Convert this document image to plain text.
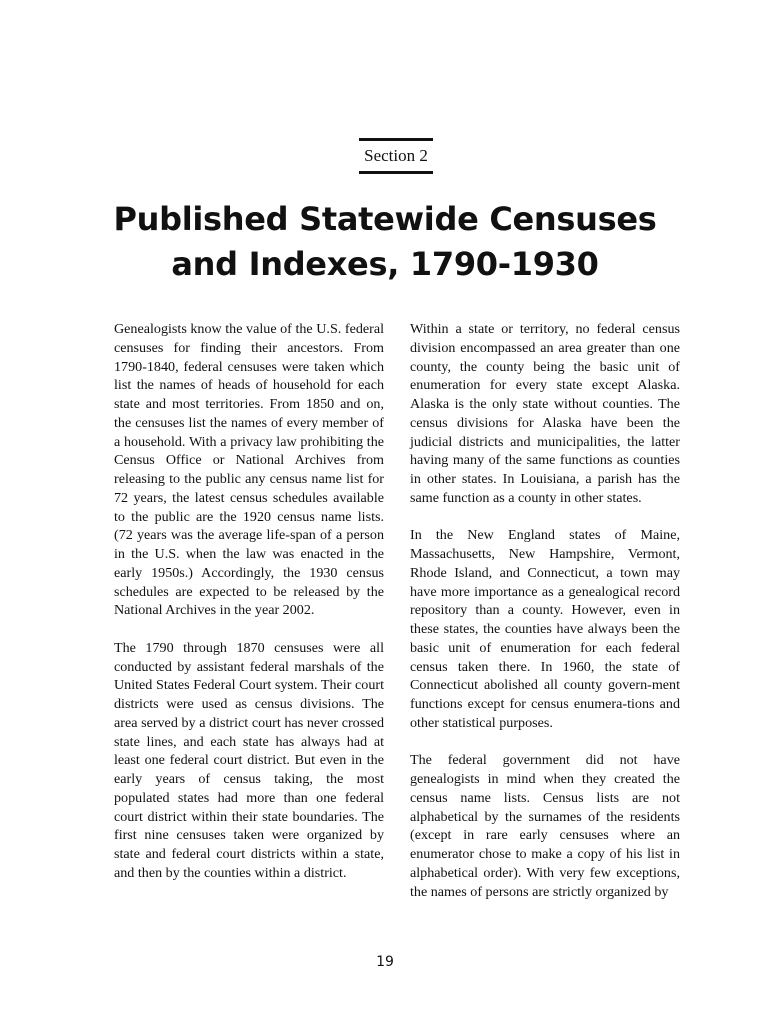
Section 2
Published Statewide Censuses
and Indexes, 1790-1930

Genealogists know the value of the U.S. federal censuses for finding their ancestors. From 1790-1840, federal censuses were taken which list the names of heads of household for each state and most territories. From 1850 and on, the censuses list the names of every member of a household. With a privacy law prohibiting the Census Office or National Archives from releasing to the public any census name list for 72 years, the latest census schedules available to the public are the 1920 census name lists. (72 years was the average life-span of a person in the U.S. when the law was enacted in the early 1950s.) Accordingly, the 1930 census schedules are expected to be released by the National Archives in the year 2002.

The 1790 through 1870 censuses were all conducted by assistant federal marshals of the United States Federal Court system. Their court districts were used as census divisions. The area served by a district court has never crossed state lines, and each state has always had at least one federal court district. But even in the early years of census taking, the most populated states had more than one federal court district within their state boundaries. The first nine censuses taken were organized by state and federal court districts within a state, and then by the counties within a district.

Within a state or territory, no federal census division encompassed an area greater than one county, the county being the basic unit of enumeration for every state except Alaska. Alaska is the only state without counties. The census divisions for Alaska have been the judicial districts and municipalities, the latter having many of the same functions as counties in other states. In Louisiana, a parish has the same function as a county in other states.

In the New England states of Maine, Massachusetts, New Hampshire, Vermont, Rhode Island, and Connecticut, a town may have more importance as a genealogical record repository than a county. However, even in these states, the counties have always been the basic unit of enumeration for each federal census taken there. In 1960, the state of Connecticut abolished all county govern-ment functions except for census enumera-tions and other statistical purposes.

The federal government did not have genealogists in mind when they created the census name lists. Census lists are not alphabetical by the surnames of the residents (except in rare early censuses where an enumerator chose to make a copy of his list in alphabetical order). With very few exceptions, the names of persons are strictly organized by

19
